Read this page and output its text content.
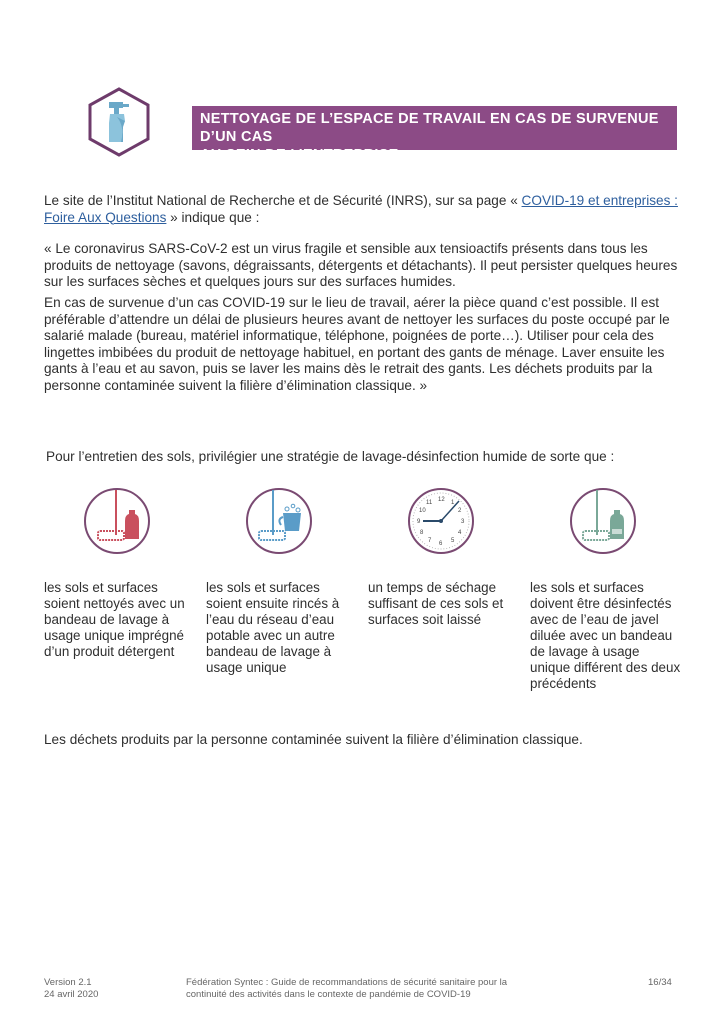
NETTOYAGE DE L’ESPACE DE TRAVAIL EN CAS DE SURVENUE D’UN CAS
AU SEIN DE L’ENTREPRISE
Le site de l’Institut National de Recherche et de Sécurité (INRS), sur sa page « COVID-19 et entreprises : Foire Aux Questions » indique que :
« Le coronavirus SARS-CoV-2 est un virus fragile et sensible aux tensioactifs présents dans tous les produits de nettoyage (savons, dégraissants, détergents et détachants). Il peut persister quelques heures sur les surfaces sèches et quelques jours sur des surfaces humides.
En cas de survenue d’un cas COVID-19 sur le lieu de travail, aérer la pièce quand c’est possible. Il est préférable d’attendre un délai de plusieurs heures avant de nettoyer les surfaces du poste occupé par le salarié malade (bureau, matériel informatique, téléphone, poignées de porte…). Utiliser pour cela des lingettes imbibées du produit de nettoyage habituel, en portant des gants de ménage. Laver ensuite les gants à l’eau et au savon, puis se laver les mains dès le retrait des gants. Les déchets produits par la personne contaminée suivent la filière d’élimination classique. »
Pour l’entretien des sols, privilégier une stratégie de lavage-désinfection humide de sorte que :
12 1
2
3
4
5
6
7
8
9
10
11
les sols et surfaces soient nettoyés avec un bandeau de lavage à usage unique imprégné d’un produit détergent
les sols et surfaces soient ensuite rincés à l’eau du réseau d’eau potable avec un autre bandeau de lavage à usage unique
un temps de séchage suffisant de ces sols et surfaces soit laissé
les sols et surfaces doivent être désinfectés avec de l’eau de javel diluée avec un bandeau de lavage à usage unique différent des deux précédents
Les déchets produits par la personne contaminée suivent la filière d’élimination classique.
Version 2.1
24 avril 2020
Fédération Syntec : Guide de recommandations de sécurité sanitaire pour la
continuité des activités dans le contexte de pandémie de COVID-19
16/34
